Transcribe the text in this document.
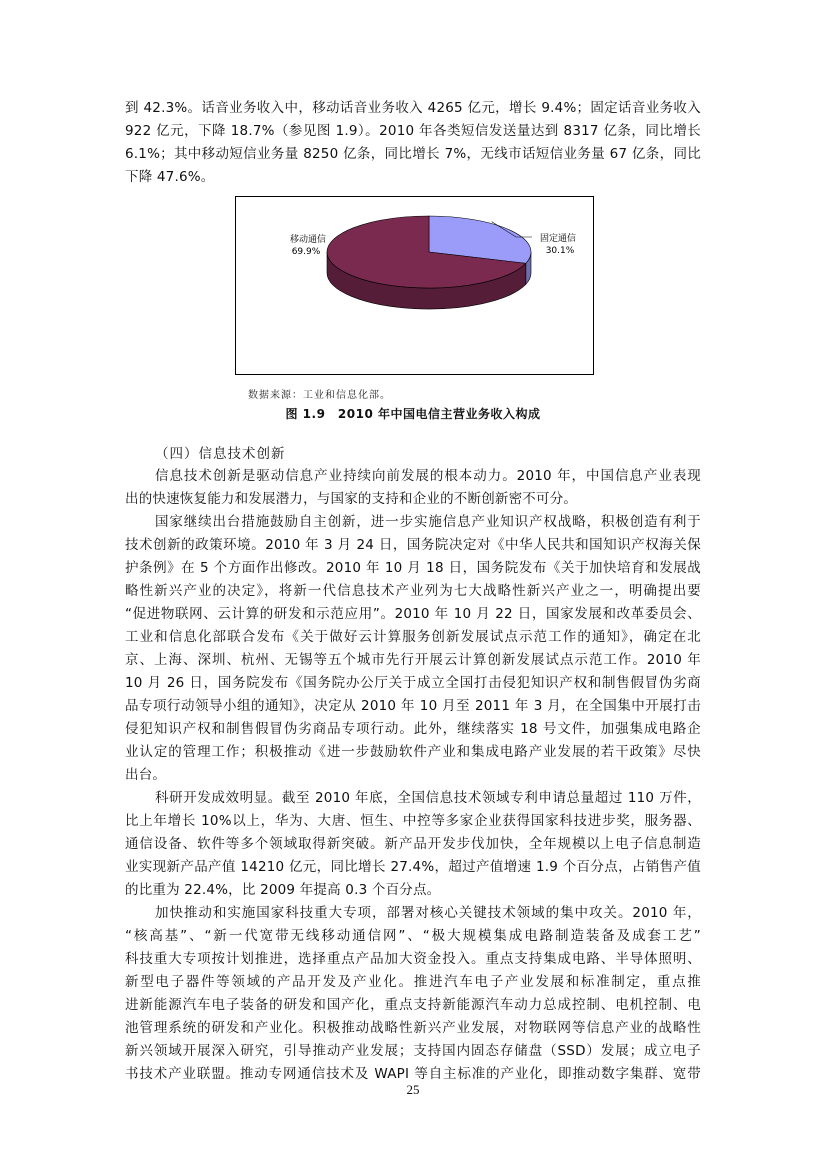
到 42.3%。话音业务收入中，移动话音业务收入 4265 亿元，增长 9.4%；固定话音业务收入
922 亿元，下降 18.7%（参见图 1.9）。2010 年各类短信发送量达到 8317 亿条，同比增长
6.1%；其中移动短信业务量 8250 亿条，同比增长 7%，无线市话短信业务量 67 亿条，同比
下降 47.6%。
移动通信
69.9%
固定通信
30.1%
数据来源：工业和信息化部。
图 1.9　2010 年中国电信主营业务收入构成
（四）信息技术创新
信息技术创新是驱动信息产业持续向前发展的根本动力。2010 年，中国信息产业表现
出的快速恢复能力和发展潜力，与国家的支持和企业的不断创新密不可分。
国家继续出台措施鼓励自主创新，进一步实施信息产业知识产权战略，积极创造有利于
技术创新的政策环境。2010 年 3 月 24 日，国务院决定对《中华人民共和国知识产权海关保
护条例》在 5 个方面作出修改。2010 年 10 月 18 日，国务院发布《关于加快培育和发展战
略性新兴产业的决定》，将新一代信息技术产业列为七大战略性新兴产业之一，明确提出要
“促进物联网、云计算的研发和示范应用”。2010 年 10 月 22 日，国家发展和改革委员会、
工业和信息化部联合发布《关于做好云计算服务创新发展试点示范工作的通知》，确定在北
京、上海、深圳、杭州、无锡等五个城市先行开展云计算创新发展试点示范工作。2010 年
10 月 26 日，国务院发布《国务院办公厅关于成立全国打击侵犯知识产权和制售假冒伪劣商
品专项行动领导小组的通知》，决定从 2010 年 10 月至 2011 年 3 月，在全国集中开展打击
侵犯知识产权和制售假冒伪劣商品专项行动。此外，继续落实 18 号文件，加强集成电路企
业认定的管理工作；积极推动《进一步鼓励软件产业和集成电路产业发展的若干政策》尽快
出台。
科研开发成效明显。截至 2010 年底，全国信息技术领域专利申请总量超过 110 万件，
比上年增长 10%以上，华为、大唐、恒生、中控等多家企业获得国家科技进步奖，服务器、
通信设备、软件等多个领域取得新突破。新产品开发步伐加快，全年规模以上电子信息制造
业实现新产品产值 14210 亿元，同比增长 27.4%，超过产值增速 1.9 个百分点，占销售产值
的比重为 22.4%，比 2009 年提高 0.3 个百分点。
加快推动和实施国家科技重大专项，部署对核心关键技术领域的集中攻关。2010 年，
“核高基”、“新一代宽带无线移动通信网”、“极大规模集成电路制造装备及成套工艺”
科技重大专项按计划推进，选择重点产品加大资金投入。重点支持集成电路、半导体照明、
新型电子器件等领域的产品开发及产业化。推进汽车电子产业发展和标准制定，重点推
进新能源汽车电子装备的研发和国产化，重点支持新能源汽车动力总成控制、电机控制、电
池管理系统的研发和产业化。积极推动战略性新兴产业发展，对物联网等信息产业的战略性
新兴领域开展深入研究，引导推动产业发展；支持国内固态存储盘（SSD）发展；成立电子
书技术产业联盟。推动专网通信技术及 WAPI 等自主标准的产业化，即推动数字集群、宽带
25
